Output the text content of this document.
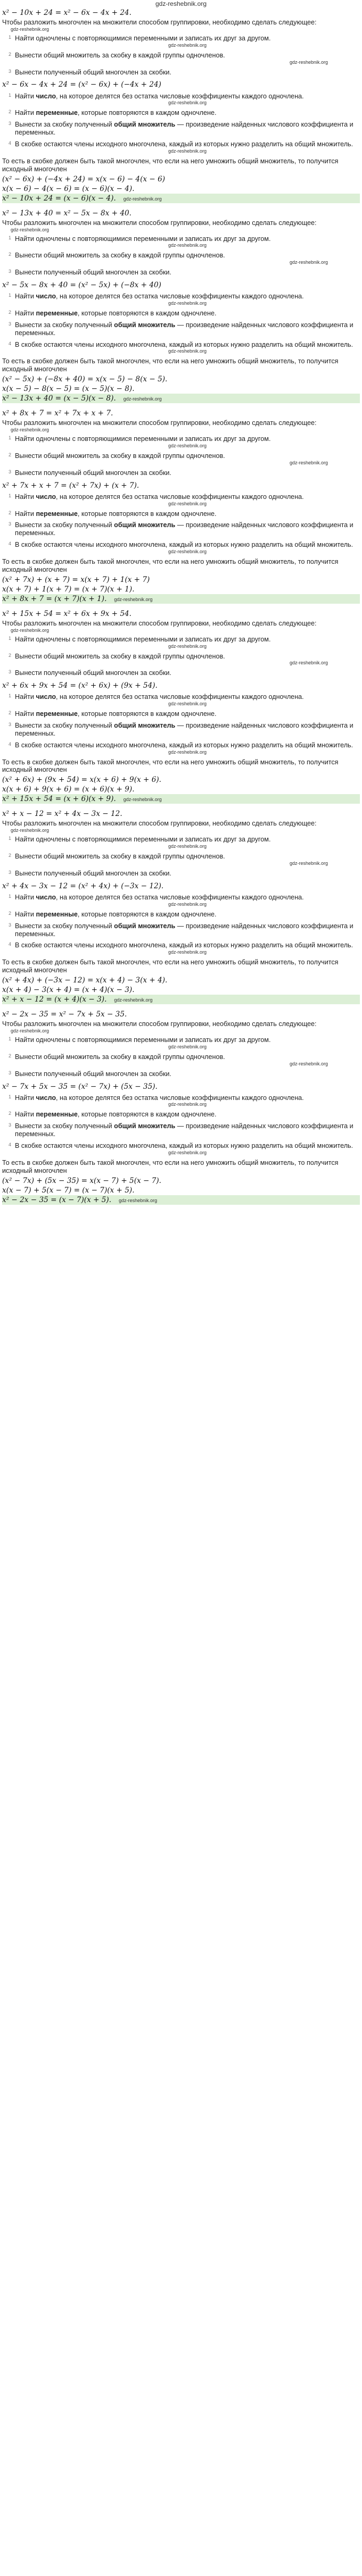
gdz-reshebnik.org
x² − 10x + 24 = x² − 6x − 4x + 24.

Чтобы разложить многочлен на множители способом группировки, необходимо сделать следующее:
gdz-reshebnik.org

1 Найти одночлены с повторяющимися переменными и записать их друг за другом.
gdz-reshebnik.org
2 Вынести общий множитель за скобку в каждой группы одночленов.
gdz-reshebnik.org
3 Вынести полученный общий многочлен за скобки.
x² − 6x − 4x + 24 = (x² − 6x) + (−4x + 24)
1 Найти число, на которое делятся без остатка числовые коэффициенты каждого одночлена.
gdz-reshebnik.org
2 Найти переменные, которые повторяются в каждом одночлене.
3 Вынести за скобку полученный общий множитель — произведение найденных числового коэффициента и переменных.
4 В скобке остаются члены исходного многочлена, каждый из которых нужно разделить на общий множитель.
gdz-reshebnik.org

То есть в скобке должен быть такой многочлен, что если на него умножить общий множитель, то получится исходный многочлен

(x² − 6x) + (−4x + 24) = x(x − 6) − 4(x − 6)
x(x − 6) − 4(x − 6) = (x − 6)(x − 4).
x² − 10x + 24 = (x − 6)(x − 4). gdz-reshebnik.org
x² − 13x + 40 = x² − 5x − 8x + 40.

Чтобы разложить многочлен на множители способом группировки, необходимо сделать следующее:
gdz-reshebnik.org

1 Найти одночлены с повторяющимися переменными и записать их друг за другом.
gdz-reshebnik.org
2 Вынести общий множитель за скобку в каждой группы одночленов.
gdz-reshebnik.org
3 Вынести полученный общий многочлен за скобки.
x² − 5x − 8x + 40 = (x² − 5x) + (−8x + 40)
1 Найти число, на которое делятся без остатка числовые коэффициенты каждого одночлена.
gdz-reshebnik.org
2 Найти переменные, которые повторяются в каждом одночлене.
3 Вынести за скобку полученный общий множитель — произведение найденных числового коэффициента и переменных.
4 В скобке остаются члены исходного многочлена, каждый из которых нужно разделить на общий множитель.
gdz-reshebnik.org

То есть в скобке должен быть такой многочлен, что если на него умножить общий множитель, то получится исходный многочлен

(x² − 5x) + (−8x + 40) = x(x − 5) − 8(x − 5).
x(x − 5) − 8(x − 5) = (x − 5)(x − 8).
x² − 13x + 40 = (x − 5)(x − 8). gdz-reshebnik.org
x² + 8x + 7 = x² + 7x + x + 7.

Чтобы разложить многочлен на множители способом группировки, необходимо сделать следующее:
gdz-reshebnik.org

1 Найти одночлены с повторяющимися переменными и записать их друг за другом.
gdz-reshebnik.org
2 Вынести общий множитель за скобку в каждой группы одночленов.
gdz-reshebnik.org
3 Вынести полученный общий многочлен за скобки.
x² + 7x + x + 7 = (x² + 7x) + (x + 7).
1 Найти число, на которое делятся без остатка числовые коэффициенты каждого одночлена.
gdz-reshebnik.org
2 Найти переменные, которые повторяются в каждом одночлене.
3 Вынести за скобку полученный общий множитель — произведение найденных числового коэффициента и переменных.
4 В скобке остаются члены исходного многочлена, каждый из которых нужно разделить на общий множитель.
gdz-reshebnik.org

То есть в скобке должен быть такой многочлен, что если на него умножить общий множитель, то получится исходный многочлен

(x² + 7x) + (x + 7) = x(x + 7) + 1(x + 7)
x(x + 7) + 1(x + 7) = (x + 7)(x + 1).
x² + 8x + 7 = (x + 7)(x + 1). gdz-reshebnik.org
x² + 15x + 54 = x² + 6x + 9x + 54.

Чтобы разложить многочлен на множители способом группировки, необходимо сделать следующее:
gdz-reshebnik.org

1 Найти одночлены с повторяющимися переменными и записать их друг за другом.
gdz-reshebnik.org
2 Вынести общий множитель за скобку в каждой группы одночленов.
gdz-reshebnik.org
3 Вынести полученный общий многочлен за скобки.
x² + 6x + 9x + 54 = (x² + 6x) + (9x + 54).
1 Найти число, на которое делятся без остатка числовые коэффициенты каждого одночлена.
gdz-reshebnik.org
2 Найти переменные, которые повторяются в каждом одночлене.
3 Вынести за скобку полученный общий множитель — произведение найденных числового коэффициента и переменных.
4 В скобке остаются члены исходного многочлена, каждый из которых нужно разделить на общий множитель.
gdz-reshebnik.org

То есть в скобке должен быть такой многочлен, что если на него умножить общий множитель, то получится исходный многочлен

(x² + 6x) + (9x + 54) = x(x + 6) + 9(x + 6).
x(x + 6) + 9(x + 6) = (x + 6)(x + 9).
x² + 15x + 54 = (x + 6)(x + 9). gdz-reshebnik.org
x² + x − 12 = x² + 4x − 3x − 12.

Чтобы разложить многочлен на множители способом группировки, необходимо сделать следующее:
gdz-reshebnik.org

1 Найти одночлены с повторяющимися переменными и записать их друг за другом.
gdz-reshebnik.org
2 Вынести общий множитель за скобку в каждой группы одночленов.
gdz-reshebnik.org
3 Вынести полученный общий многочлен за скобки.
x² + 4x − 3x − 12 = (x² + 4x) + (−3x − 12).
1 Найти число, на которое делятся без остатка числовые коэффициенты каждого одночлена.
gdz-reshebnik.org
2 Найти переменные, которые повторяются в каждом одночлене.
3 Вынести за скобку полученный общий множитель — произведение найденных числового коэффициента и переменных.
4 В скобке остаются члены исходного многочлена, каждый из которых нужно разделить на общий множитель.
gdz-reshebnik.org

То есть в скобке должен быть такой многочлен, что если на него умножить общий множитель, то получится исходный многочлен

(x² + 4x) + (−3x − 12) = x(x + 4) − 3(x + 4).
x(x + 4) − 3(x + 4) = (x + 4)(x − 3).
x² + x − 12 = (x + 4)(x − 3). gdz-reshebnik.org
x² − 2x − 35 = x² − 7x + 5x − 35.

Чтобы разложить многочлен на множители способом группировки, необходимо сделать следующее:
gdz-reshebnik.org

1 Найти одночлены с повторяющимися переменными и записать их друг за другом.
gdz-reshebnik.org
2 Вынести общий множитель за скобку в каждой группы одночленов.
gdz-reshebnik.org
3 Вынести полученный общий многочлен за скобки.
x² − 7x + 5x − 35 = (x² − 7x) + (5x − 35).
1 Найти число, на которое делятся без остатка числовые коэффициенты каждого одночлена.
gdz-reshebnik.org
2 Найти переменные, которые повторяются в каждом одночлене.
3 Вынести за скобку полученный общий множитель — произведение найденных числового коэффициента и переменных.
4 В скобке остаются члены исходного многочлена, каждый из которых нужно разделить на общий множитель.
gdz-reshebnik.org

То есть в скобке должен быть такой многочлен, что если на него умножить общий множитель, то получится исходный многочлен

(x² − 7x) + (5x − 35) = x(x − 7) + 5(x − 7).
x(x − 7) + 5(x − 7) = (x − 7)(x + 5).
x² − 2x − 35 = (x − 7)(x + 5). gdz-reshebnik.org
